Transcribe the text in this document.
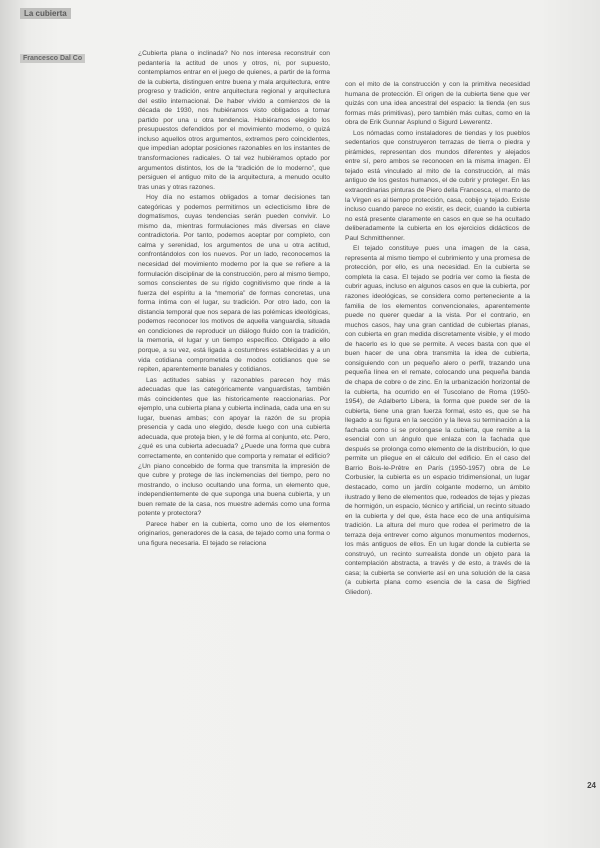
La cubierta
Francesco Dal Co

¿Cubierta plana o inclinada? No nos interesa reconstruir con pedantería la actitud de unos y otros, ni, por supuesto, contemplamos entrar en el juego de quienes, a partir de la forma de la cubierta, distinguen entre buena y mala arquitectura, entre progreso y tradición, entre arquitectura regional y arquitectura del estilo internacional. De haber vivido a comienzos de la década de 1930, nos hubiéramos visto obligados a tomar partido por una u otra tendencia. Hubiéramos elegido los presupuestos defendidos por el movimiento moderno, o quizá incluso aquellos otros argumentos, extremos pero coincidentes, que impedían adoptar posiciones razonables en los instantes de transformaciones radicales. O tal vez hubiéramos optado por argumentos distintos, los de la “tradición de lo moderno”, que persiguen el antiguo mito de la arquitectura, a menudo oculto tras unas y otras razones.

Hoy día no estamos obligados a tomar decisiones tan categóricas y podemos permitirnos un eclecticismo libre de dogmatismos, cuyas tendencias serán pueden convivir. Lo mismo da, mientras formulaciones más diversas en clave contradictoria. Por tanto, podemos aceptar por completo, con calma y serenidad, los argumentos de una u otra actitud, confrontándolos con los nuevos. Por un lado, reconocemos la necesidad del movimiento moderno por la que se refiere a la formulación disciplinar de la construcción, pero al mismo tiempo, somos conscientes de su rígido cognitivismo que rinde a la fuerza del espíritu a la “memoria” de formas concretas, una forma íntima con el lugar, su tradición. Por otro lado, con la distancia temporal que nos separa de las polémicas ideológicas, podemos reconocer los motivos de aquella vanguardia, situada en condiciones de reproducir un diálogo fluido con la tradición, la memoria, el lugar y un tiempo específico. Obligado a ello porque, a su vez, está ligada a costumbres establecidas y a un vida cotidiana comprometida de modos cotidianos que se repiten, aparentemente banales y cotidianos.

Las actitudes sabias y razonables parecen hoy más adecuadas que las categóricamente vanguardistas, también más coincidentes que las historicamente reaccionarias. Por ejemplo, una cubierta plana y cubierta inclinada, cada una en su lugar, buenas ambas; con apoyar la razón de su propia presencia y cada uno elegido, desde luego con una cubierta adecuada, que proteja bien, y le dé forma al conjunto, etc. Pero, ¿qué es una cubierta adecuada? ¿Puede una forma que cubra correctamente, en contenido que comporta y rematar el edificio? ¿Un piano concebido de forma que transmita la impresión de que cubre y protege de las inclemencias del tiempo, pero no mostrando, o incluso ocultando una forma, un elemento que, independientemente de que suponga una buena cubierta, y un buen remate de la casa, nos muestre además como una forma potente y protectora?

Parece haber en la cubierta, como uno de los elementos originarios, generadores de la casa, de tejado como una forma o una figura necesaria. El tejado se relaciona

con el mito de la construcción y con la primitiva necesidad humana de protección. El origen de la cubierta tiene que ver quizás con una idea ancestral del espacio: la tienda (en sus formas más primitivas), pero también más cultas, como en la obra de Erik Gunnar Asplund o Sigurd Lewerentz.

Los nómadas como instaladores de tiendas y los pueblos sedentarios que construyeron terrazas de tierra o piedra y pirámides, representan dos mundos diferentes y alejados entre sí, pero ambos se reconocen en la misma imagen. El tejado está vinculado al mito de la construcción, al más antiguo de los gestos humanos, el de cubrir y proteger. En las extraordinarias pinturas de Piero della Francesca, el manto de la Virgen es al tiempo protección, casa, cobijo y tejado. Existe incluso cuando parece no existir, es decir, cuando la cubierta no está presente claramente en casos en que se ha ocultado deliberadamente la cubierta en los ejercicios didácticos de Paul Schmitthenner.

El tejado constituye pues una imagen de la casa, representa al mismo tiempo el cubrimiento y una promesa de protección, por ello, es una necesidad. En la cubierta se completa la casa. El tejado se podría ver como la fiesta de cubrir aguas, incluso en algunos casos en que la cubierta, por razones ideológicas, se considera como perteneciente a la familia de los elementos convencionales, aparentemente puede no querer quedar a la vista. Por el contrario, en muchos casos, hay una gran cantidad de cubiertas planas, con cubierta en gran medida discretamente visible, y el modo de hacerlo es lo que se permite. A veces basta con que el buen hacer de una obra transmita la idea de cubierta, consiguiendo con un pequeño alero o perfil, trazando una pequeña línea en el remate, colocando una pequeña banda de chapa de cobre o de zinc. En la urbanización horizontal de la cubierta, ha ocurrido en el Tuscolano de Roma (1950-1954), de Adalberto Libera, la forma que puede ser de la cubierta, tiene una gran fuerza formal, esto es, que se ha llegado a su figura en la sección y la lleva su terminación a la fachada como si se prolongase la cubierta, que remite a la esencial con un ángulo que enlaza con la fachada que después se prolonga como elemento de la distribución, lo que permite un pliegue en el cálculo del edificio. En el caso del Barrio Bois-le-Prêtre en París (1950-1957) obra de Le Corbusier, la cubierta es un espacio tridimensional, un lugar destacado, como un jardín colgante moderno, un ámbito ilustrado y lleno de elementos que, rodeados de tejas y piezas de hormigón, un espacio, técnico y artificial, un recinto situado en la cubierta y del que, ésta hace eco de una antiquísima tradición. La altura del muro que rodea el perímetro de la terraza deja entrever como algunos monumentos modernos, los más antiguos de ellos. En un lugar donde la cubierta se construyó, un recinto surrealista donde un objeto para la contemplación abstracta, a través y de esto, a través de la casa; la cubierta se convierte así en una solución de la casa (a cubierta plana como esencia de la casa de Sigfried Gliedon).

24
